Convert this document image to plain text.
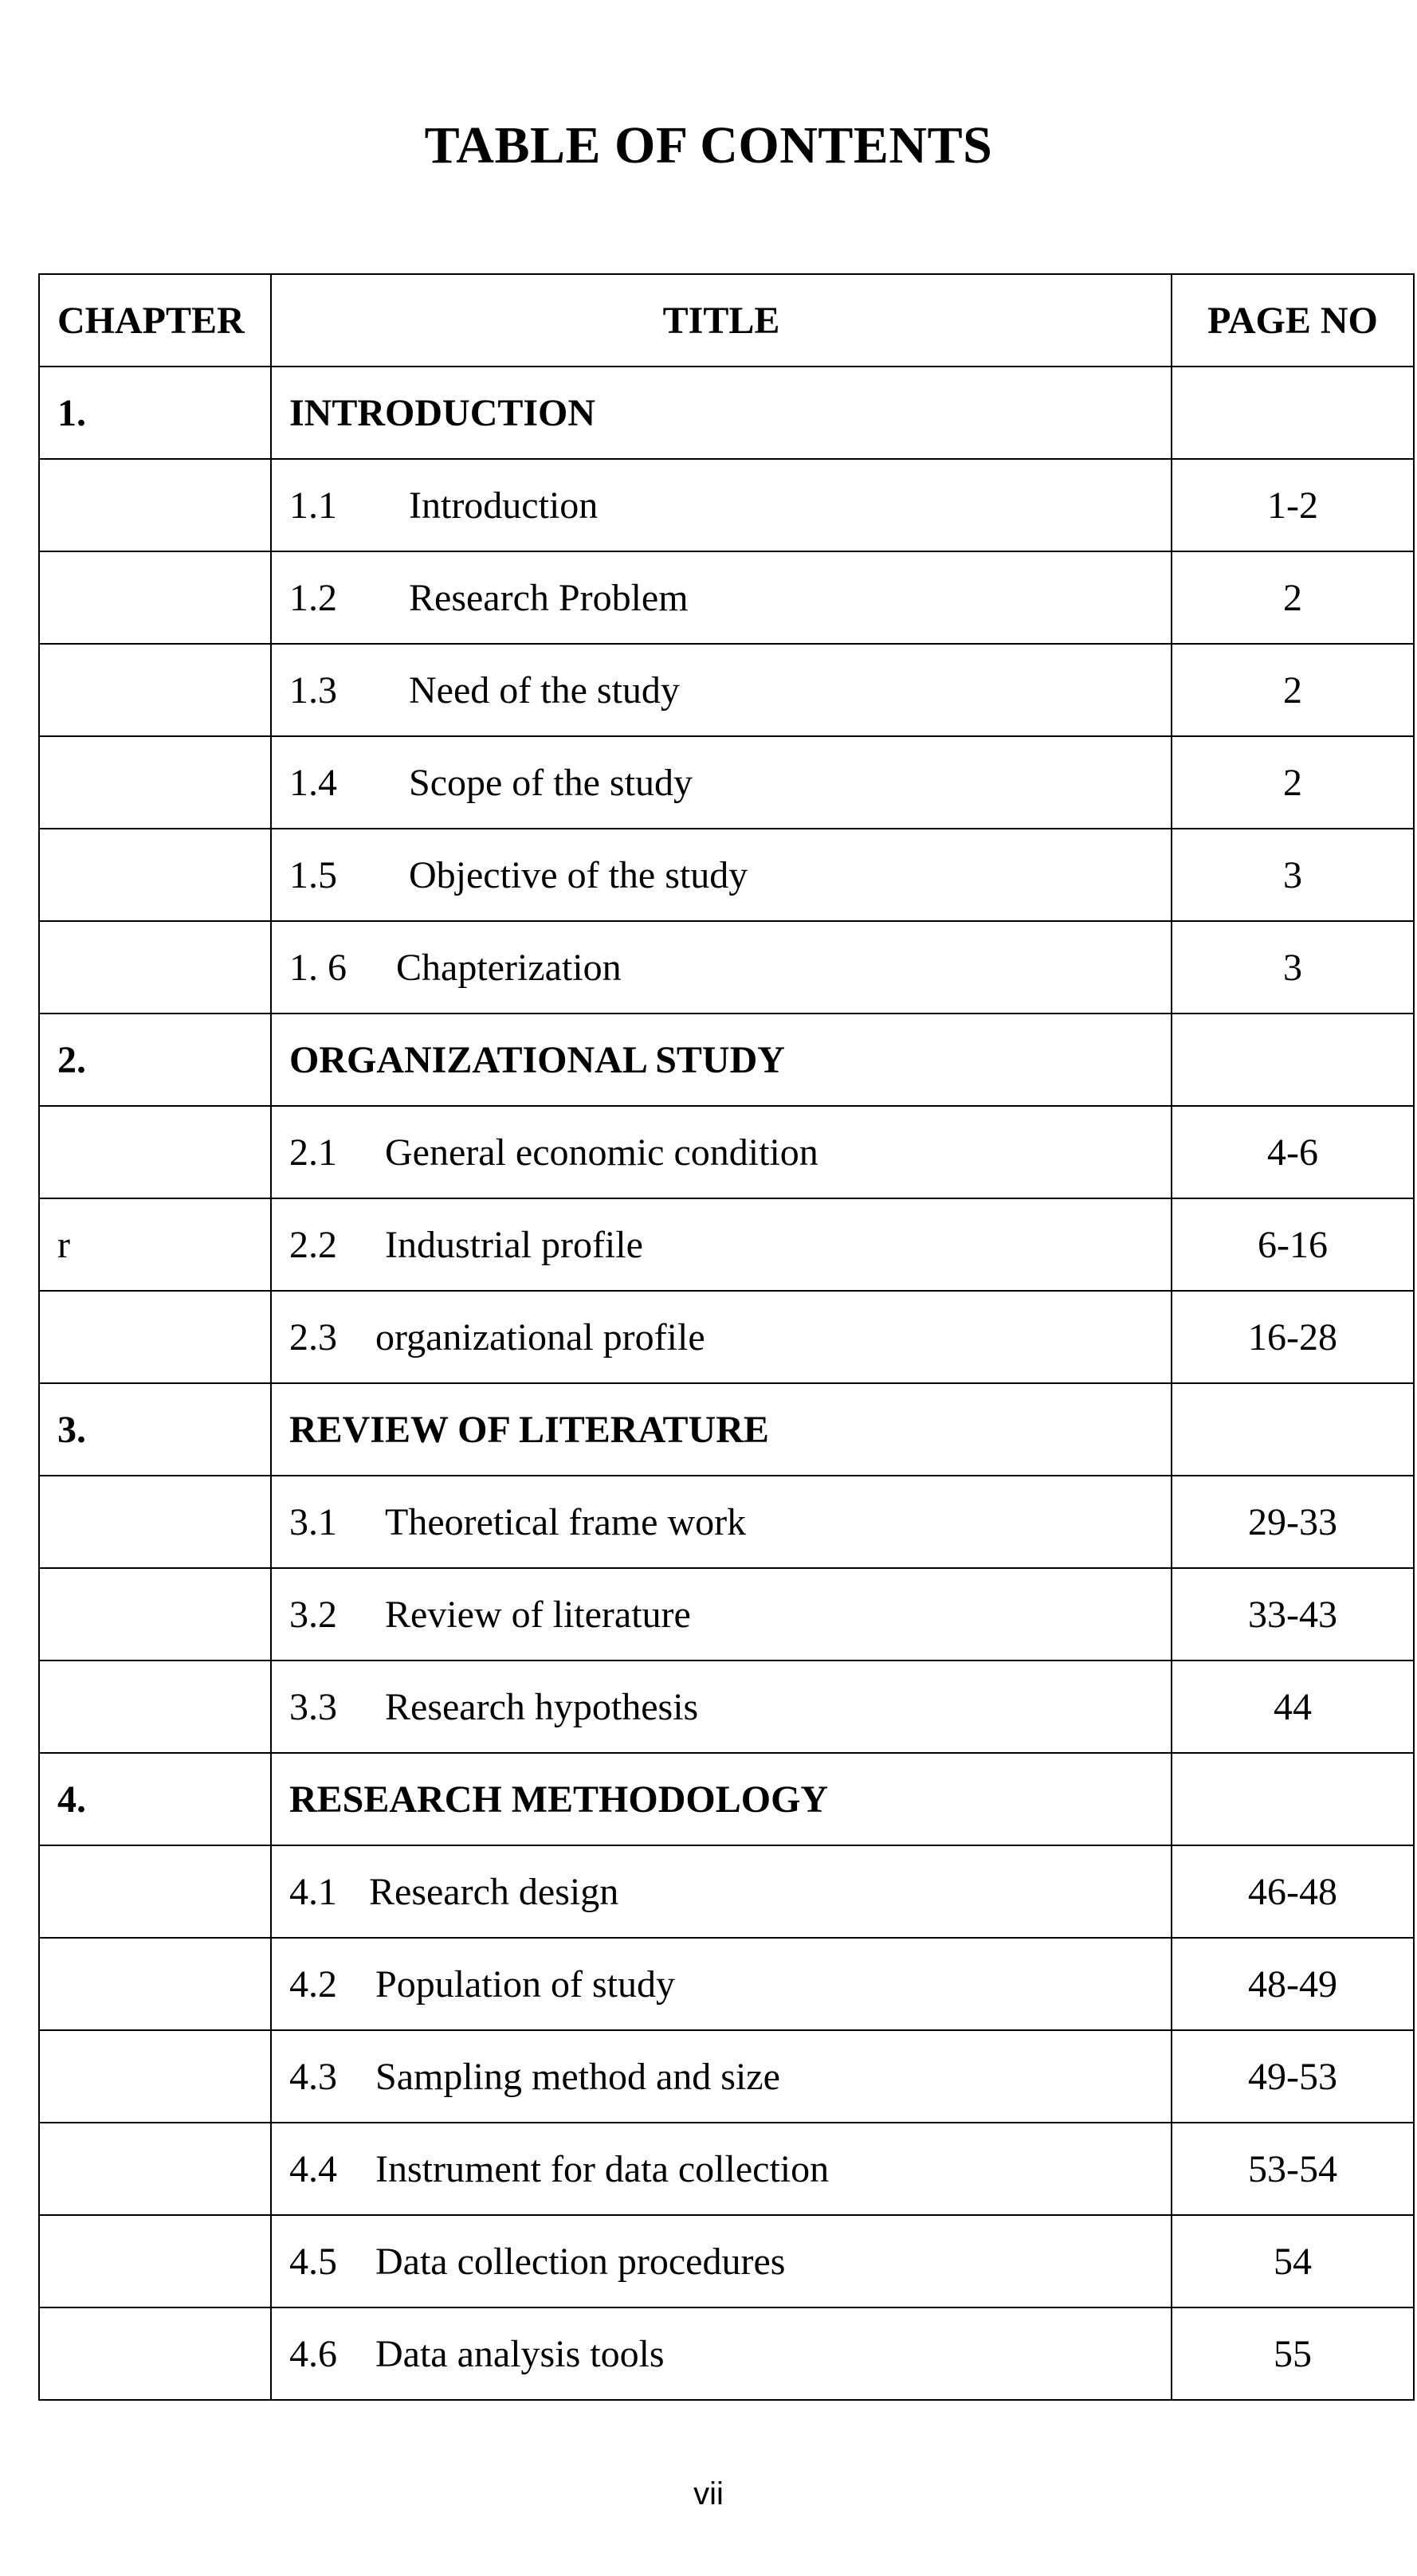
TABLE OF CONTENTS
CHAPTER	TITLE	PAGE NO
1.	INTRODUCTION	
	1.1 Introduction	1-2
	1.2 Research Problem	2
	1.3 Need of the study	2
	1.4 Scope of the study	2
	1.5 Objective of the study	3
	1. 6 Chapterization	3
2.	ORGANIZATIONAL STUDY	
	2.1 General economic condition	4-6
r	2.2 Industrial profile	6-16
	2.3 organizational profile	16-28
3.	REVIEW OF LITERATURE	
	3.1 Theoretical frame work	29-33
	3.2 Review of literature	33-43
	3.3 Research hypothesis	44
4.	RESEARCH METHODOLOGY	
	4.1 Research design	46-48
	4.2 Population of study	48-49
	4.3 Sampling method and size	49-53
	4.4 Instrument for data collection	53-54
	4.5 Data collection procedures	54
	4.6 Data analysis tools	55
vii
